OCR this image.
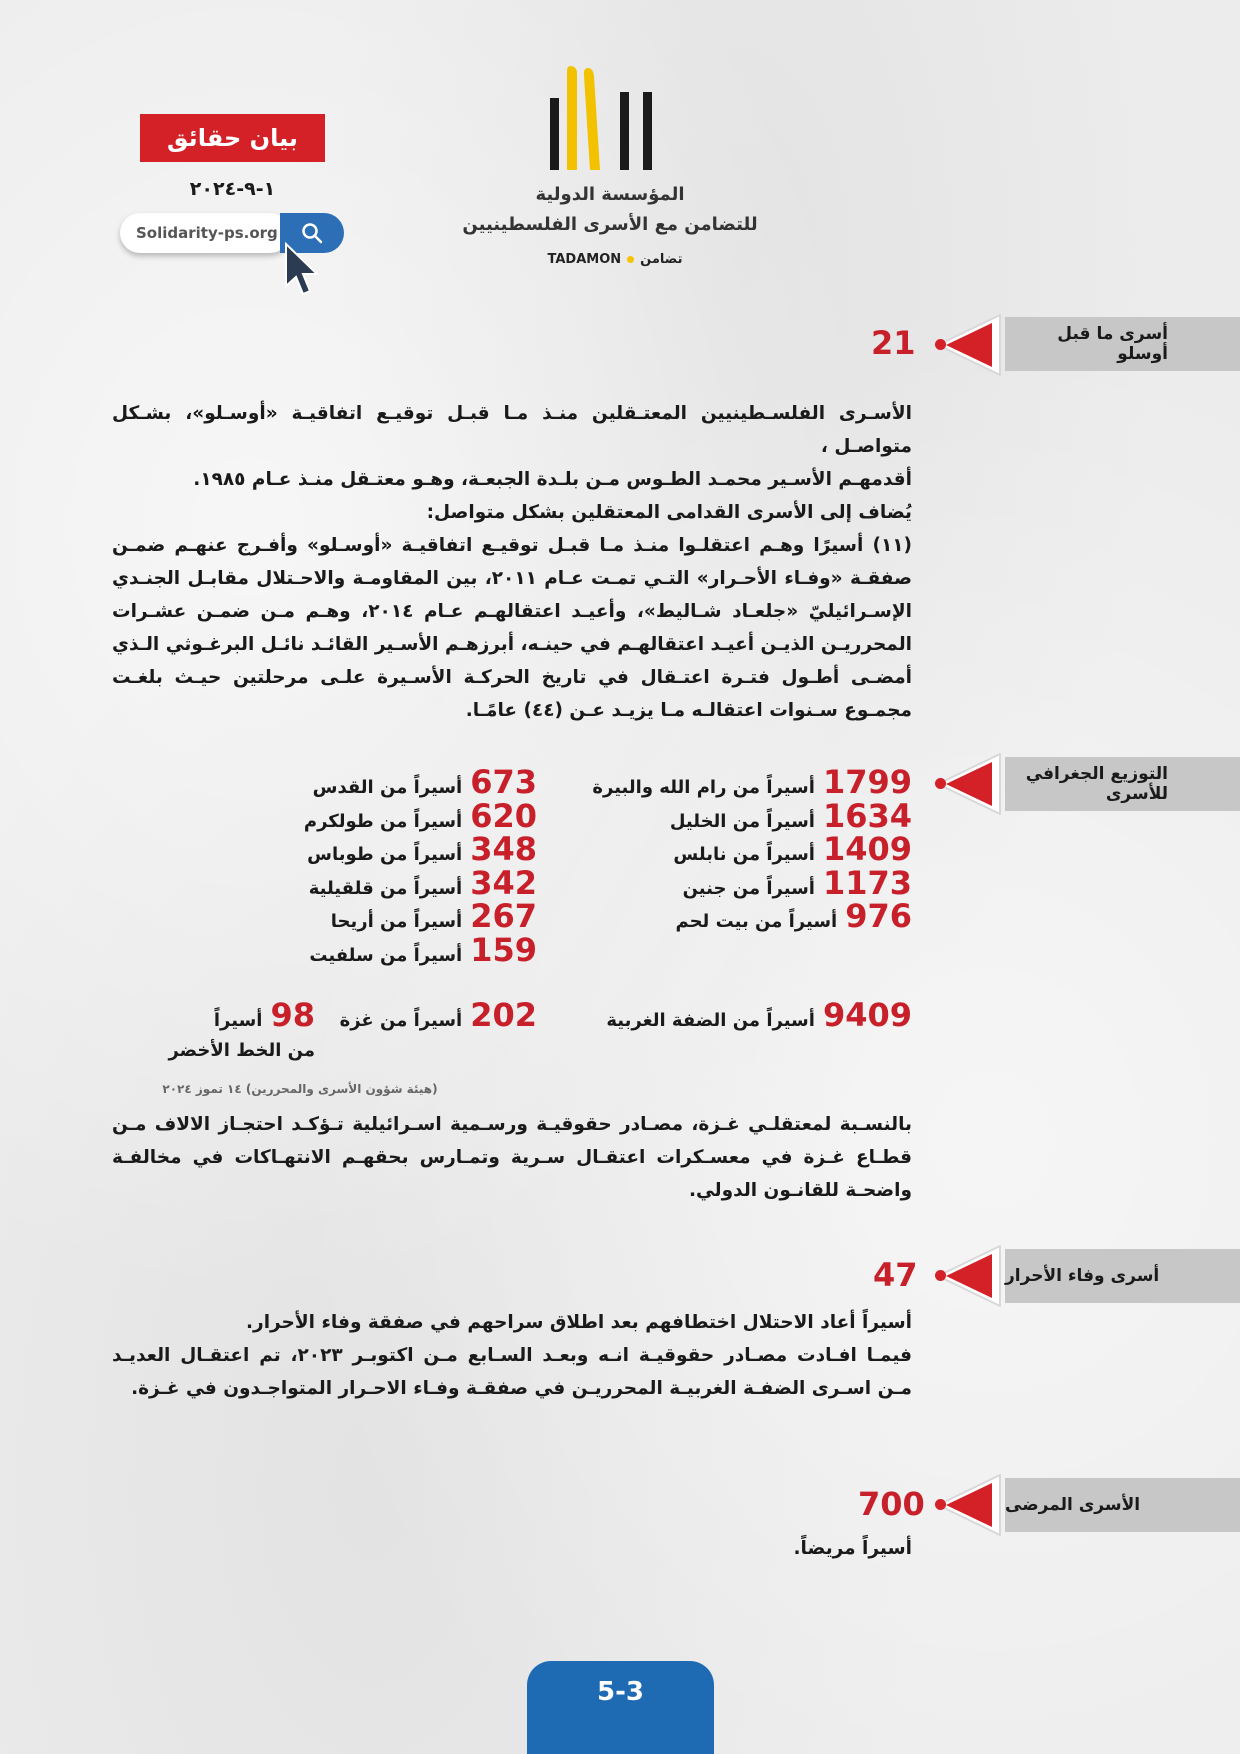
بيان حقائق
١-٩-٢٠٢٤
Solidarity-ps.org
المؤسسة الدولية
للتضامن مع الأسرى الفلسطينيين
TADAMON تضامن
أسرى ما قبل أوسلو
21

الأسـرى الفلسـطينيين المعتـقلين منـذ مـا قبـل توقيـع اتفاقيـة «أوسـلو»، بشـكل متواصـل ،

أقدمهـم الأسـير محمـد الطـوس مـن بلـدة الجبعـة، وهـو معتـقل منـذ عـام ١٩٨٥.

يُضاف إلى الأسرى القدامى المعتقلين بشكل متواصل:

(١١) أسيرًا وهـم اعتقلـوا منـذ مـا قبـل توقيـع اتفاقيـة «أوسـلو» وأفـرج عنهـم ضمـن صفقـة «وفـاء الأحـرار» التـي تمـت عـام ٢٠١١، بين المقاومـة والاحـتلال مقابـل الجنـدي الإسـرائيليّ «جلعـاد شـاليط»، وأعيـد اعتقالهـم عـام ٢٠١٤، وهـم مـن ضمـن عشـرات المحرريـن الذيـن أعيـد اعتقالهـم في حينـه، أبرزهـم الأسـير القائـد نائـل البرغـوثي الـذي أمضـى أطـول فتـرة اعتـقال في تاريخ الحركـة الأسـيرة علـى مرحلتين حيـث بلغـت مجمـوع سـنوات اعتقالـه مـا يزيـد عـن (٤٤) عامًـا.

التوزيع الجغرافي للأسرى
1799
أسيراً من رام الله والبيرة
1634
أسيراً من الخليل
1409
أسيراً من نابلس
1173
أسيراً من جنين
976
أسيراً من بيت لحم
673
أسيراً من القدس
620
أسيراً من طولكرم
348
أسيراً من طوباس
342
أسيراً من قلقيلية
267
أسيراً من أريحا
159
أسيراً من سلفيت
9409
أسيراً من الضفة الغربية
202
أسيراً من غزة
98
أسيراً
من الخط الأخضر
(هيئة شؤون الأسرى والمحررين) ١٤ تموز ٢٠٢٤
بالنسـبة لمعتقلـي غـزة، مصـادر حقوقيـة ورسـمية اسـرائيلية تـؤكـد احتجـاز الالاف مـن قطـاع غـزة في معسـكرات اعتقـال سـرية وتمـارس بحقهـم الانتهـاكات في مخالفـة واضحـة للقانـون الدولي.
أسرى وفاء الأحرار
47

أسيراً أعاد الاحتلال اختطافهم بعد اطلاق سراحهم في صفقة وفاء الأحرار.

فيمـا افـادت مصـادر حقوقيـة انـه وبعـد السـابع مـن اكتوبـر ٢٠٢٣، تم اعتقـال العديـد مـن اسـرى الضفـة الغربيـة المحرريـن في صفقـة وفـاء الاحـرار المتواجـدون في غـزة.

الأسرى المرضى
700
أسيراً مريضاً.
5-3
